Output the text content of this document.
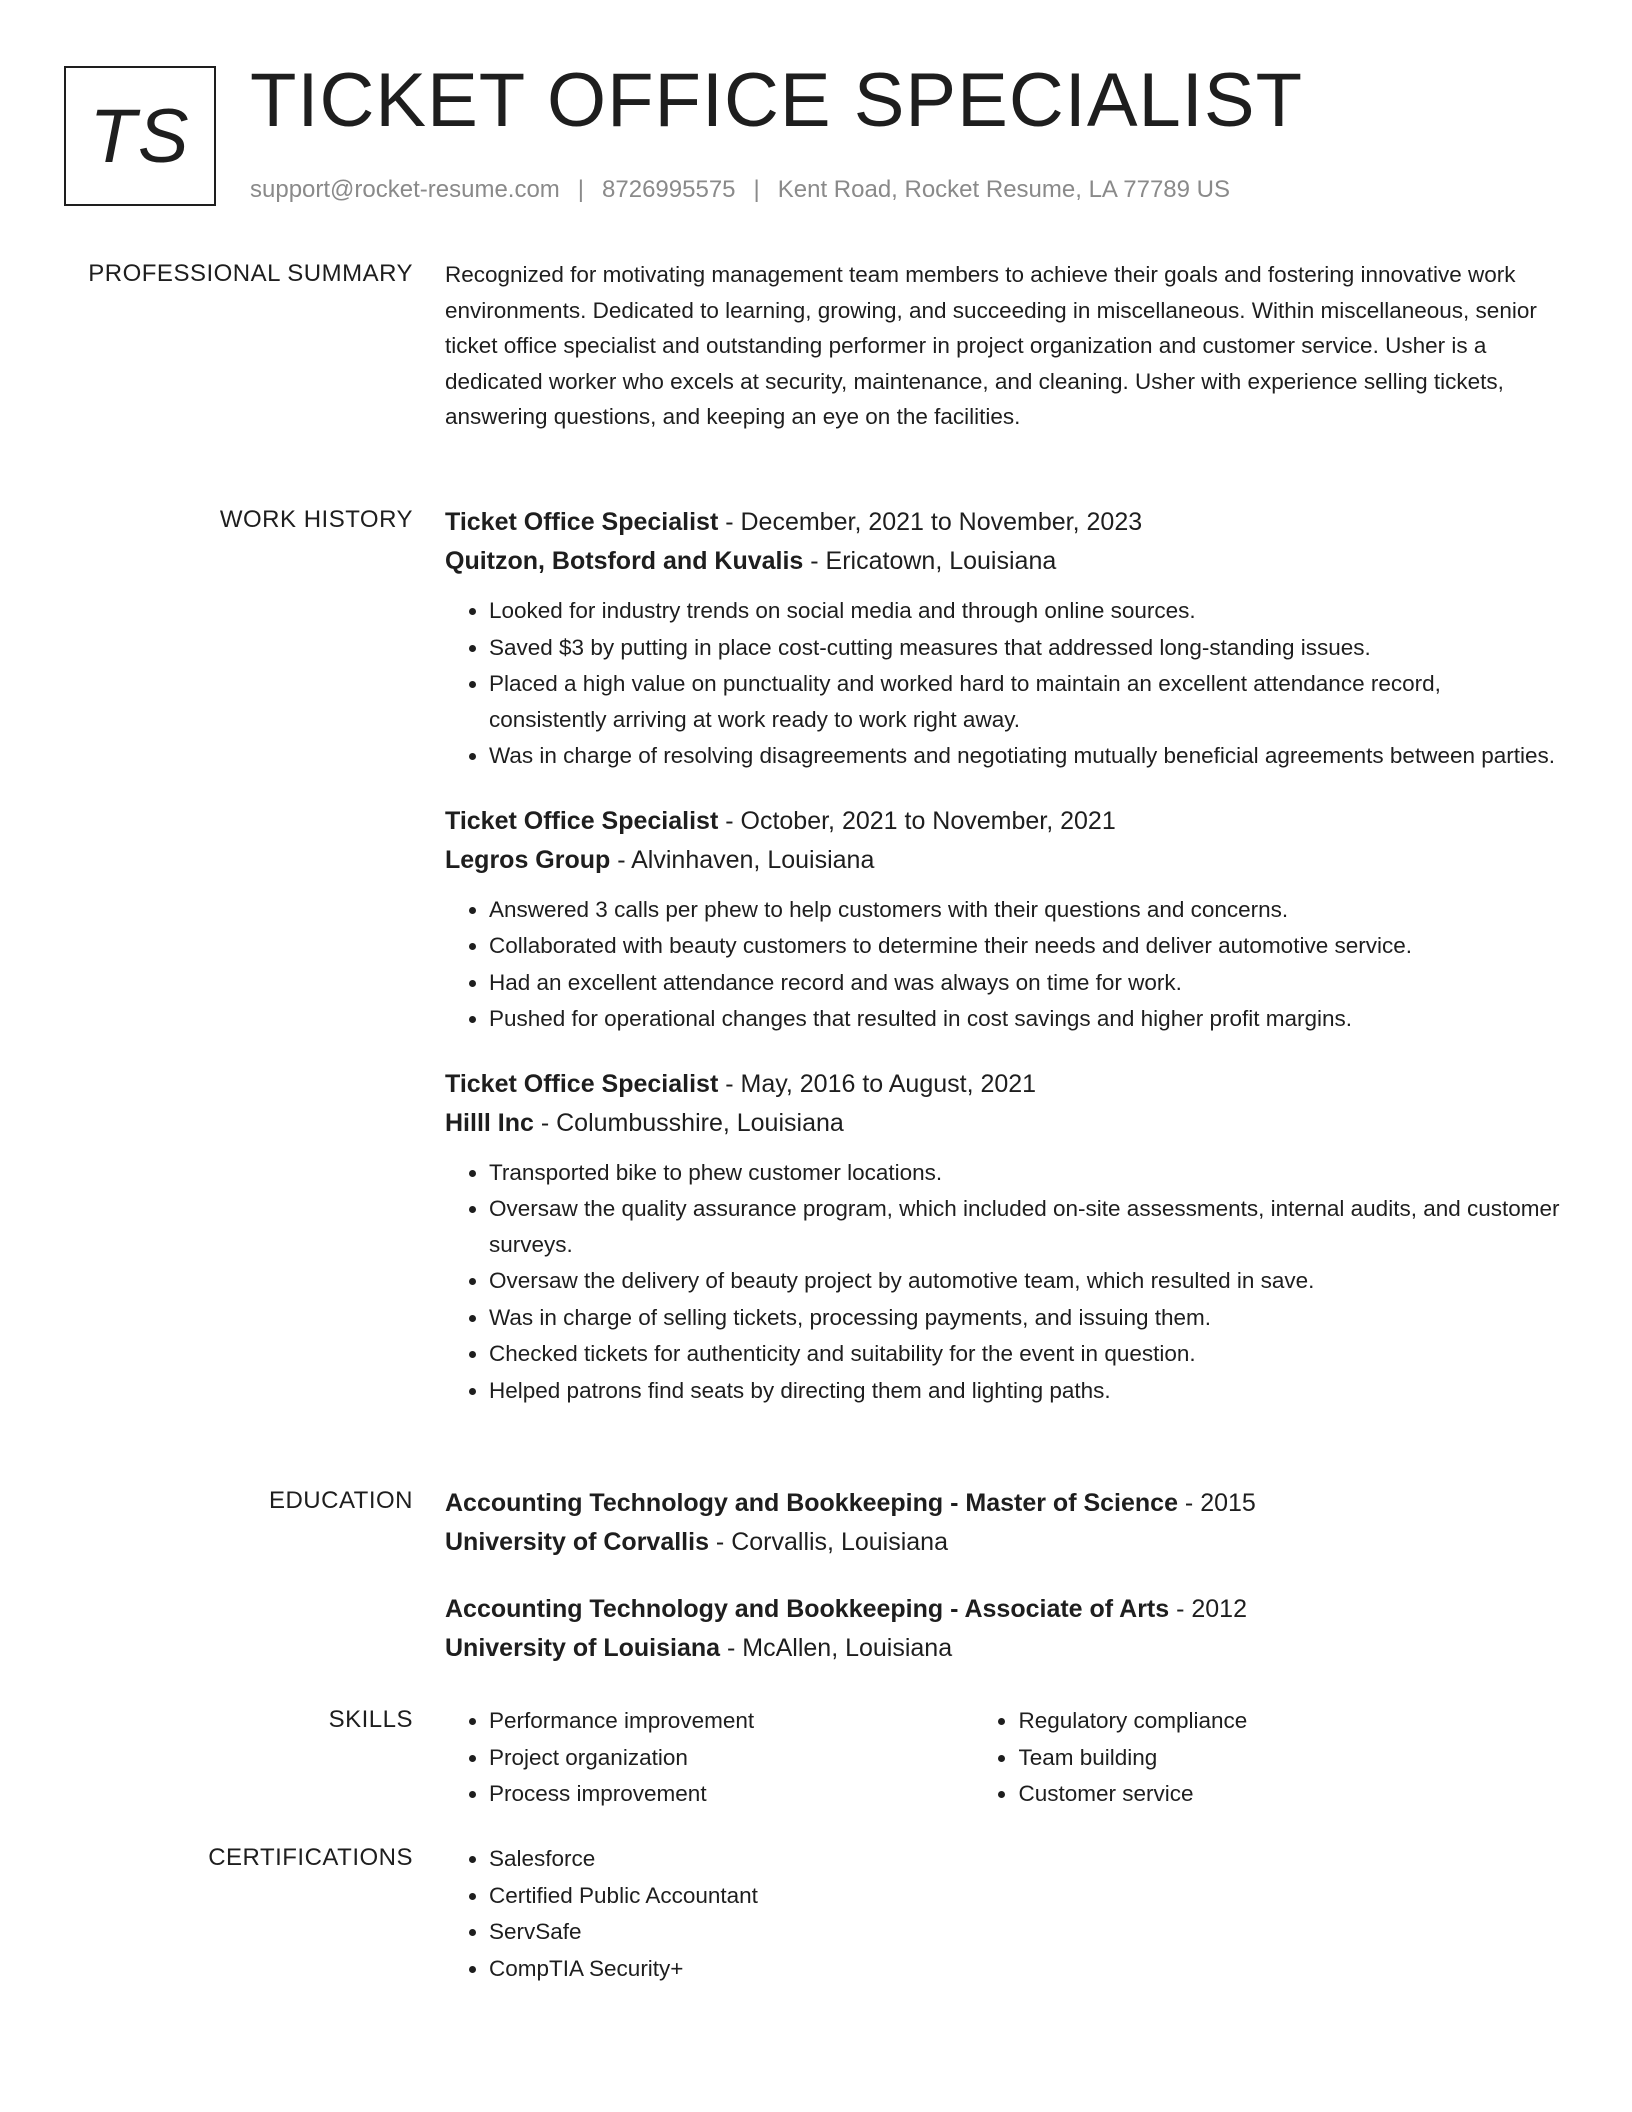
TS TICKET OFFICE SPECIALIST
support@rocket-resume.com | 8726995575 | Kent Road, Rocket Resume, LA 77789 US
PROFESSIONAL SUMMARY Recognized for motivating management team members to achieve their goals and fostering innovative work environments. Dedicated to learning, growing, and succeeding in miscellaneous. Within miscellaneous, senior ticket office specialist and outstanding performer in project organization and customer service. Usher is a dedicated worker who excels at security, maintenance, and cleaning. Usher with experience selling tickets, answering questions, and keeping an eye on the facilities.

WORK HISTORY Ticket Office Specialist - December, 2021 to November, 2023

Quitzon, Botsford and Kuvalis - Ericatown, Louisiana

• Looked for industry trends on social media and through online sources.
• Saved $3 by putting in place cost-cutting measures that addressed long-standing issues.
• Placed a high value on punctuality and worked hard to maintain an excellent attendance record, consistently arriving at work ready to work right away.
• Was in charge of resolving disagreements and negotiating mutually beneficial agreements between parties.

Ticket Office Specialist - October, 2021 to November, 2021

Legros Group - Alvinhaven, Louisiana

• Answered 3 calls per phew to help customers with their questions and concerns.
• Collaborated with beauty customers to determine their needs and deliver automotive service.
• Had an excellent attendance record and was always on time for work.
• Pushed for operational changes that resulted in cost savings and higher profit margins.

Ticket Office Specialist - May, 2016 to August, 2021

Hilll Inc - Columbusshire, Louisiana

• Transported bike to phew customer locations.
• Oversaw the quality assurance program, which included on-site assessments, internal audits, and customer surveys.
• Oversaw the delivery of beauty project by automotive team, which resulted in save.
• Was in charge of selling tickets, processing payments, and issuing them.
• Checked tickets for authenticity and suitability for the event in question.
• Helped patrons find seats by directing them and lighting paths.
EDUCATION Accounting Technology and Bookkeeping - Master of Science - 2015

University of Corvallis - Corvallis, Louisiana

Accounting Technology and Bookkeeping - Associate of Arts - 2012

University of Louisiana - McAllen, Louisiana

SKILLS	• Performance improvement
• Project organization
• Process improvement
• Regulatory compliance
• Team building
• Customer service
CERTIFICATIONS	• Salesforce
• Certified Public Accountant
• ServSafe
• CompTIA Security+
